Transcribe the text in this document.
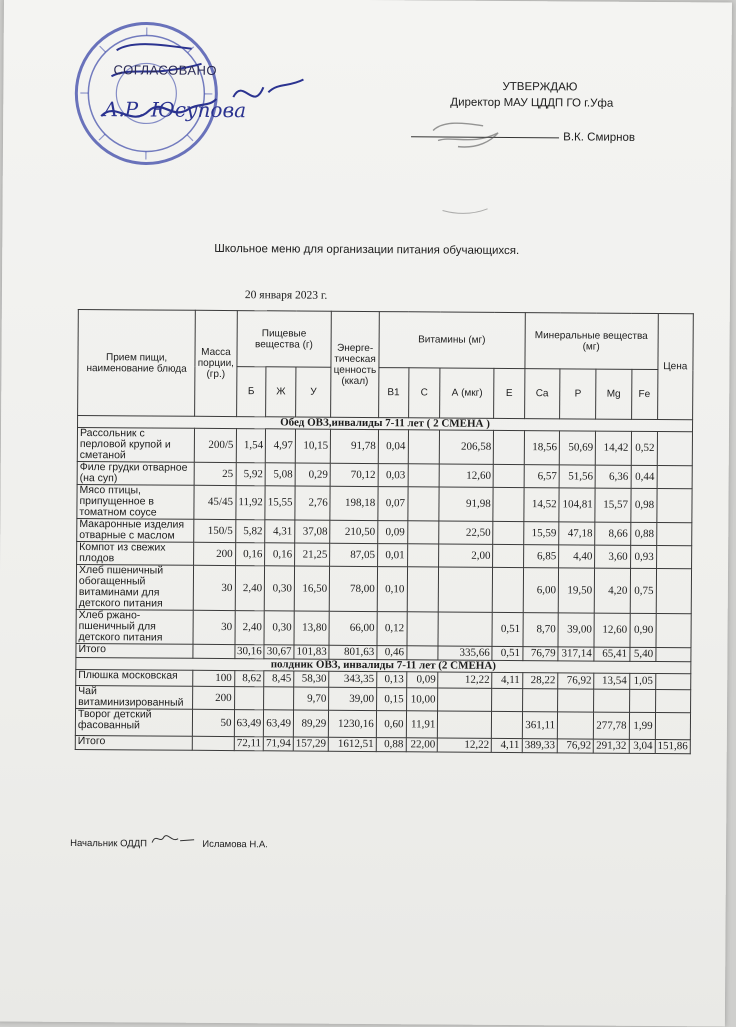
СОГЛАСОВАНО
А.Р. Юсупова
УТВЕРЖДАЮ
Директор МАУ ЦДДП ГО г.Уфа
В.К. Смирнов
Школьное меню для организации питания обучающихся.
20 января 2023 г.
Прием пищи, наименование блюда	Масса порции, (гр.)	Пищевые вещества (г)			Энерге- тическая ценность (ккал)	Витамины (мг)				Минеральные вещества (мг)				Цена
		Б	Ж	У		В1	С	А (мкг)	Е	Ca	P	Mg	Fe	
Обед ОВЗ,инвалиды 7-11 лет ( 2 СМЕНА )														
Рассольник с перловой крупой и сметаной	200/5	1,54	4,97	10,15	91,78	0,04		206,58		18,56	50,69	14,42	0,52	
Филе грудки отварное (на суп)	25	5,92	5,08	0,29	70,12	0,03		12,60		6,57	51,56	6,36	0,44	
Мясо птицы, припущенное в томатном соусе	45/45	11,92	15,55	2,76	198,18	0,07		91,98		14,52	104,81	15,57	0,98	
Макаронные изделия отварные с маслом	150/5	5,82	4,31	37,08	210,50	0,09		22,50		15,59	47,18	8,66	0,88	
Компот из свежих плодов	200	0,16	0,16	21,25	87,05	0,01		2,00		6,85	4,40	3,60	0,93	
Хлеб пшеничный обогащенный витаминами для детского питания	30	2,40	0,30	16,50	78,00	0,10				6,00	19,50	4,20	0,75	
Хлеб ржано-пшеничный для детского питания	30	2,40	0,30	13,80	66,00	0,12			0,51	8,70	39,00	12,60	0,90	
Итого		30,16	30,67	101,83	801,63	0,46		335,66	0,51	76,79	317,14	65,41	5,40	
полдник ОВЗ, инвалиды 7-11 лет (2 СМЕНА)														
Плюшка московская	100	8,62	8,45	58,30	343,35	0,13	0,09	12,22	4,11	28,22	76,92	13,54	1,05	
Чай витаминизированный	200			9,70	39,00	0,15	10,00							
Творог детский фасованный	50	63,49	63,49	89,29	1230,16	0,60	11,91			361,11		277,78	1,99	
Итого		72,11	71,94	157,29	1612,51	0,88	22,00	12,22	4,11	389,33	76,92	291,32	3,04	151,86
Начальник ОДДП	Исламова Н.А.
